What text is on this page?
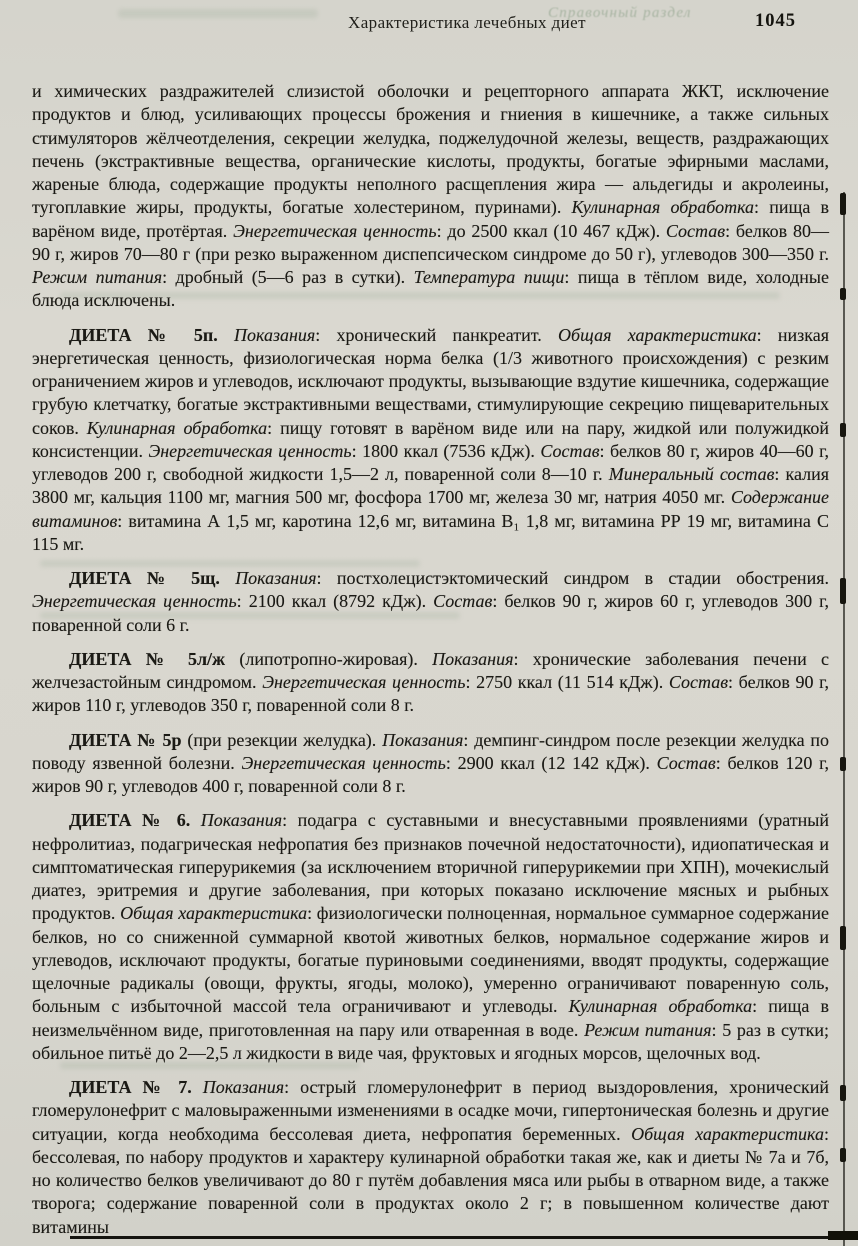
Справочный раздел
Характеристика лечебных диет	1045

и химических раздражителей слизистой оболочки и рецепторного аппарата ЖКТ, исключение продуктов и блюд, усиливающих процессы брожения и гниения в кишечнике, а также сильных стимуляторов жёлчеотделения, секреции желудка, поджелудочной железы, веществ, раздражающих печень (экстрактивные вещества, органические кислоты, продукты, богатые эфирными маслами, жареные блюда, содержащие продукты неполного расщепления жира — альдегиды и акролеины, тугоплавкие жиры, продукты, богатые холестерином, пуринами). Кулинарная обработка: пища в варёном виде, протёртая. Энергетическая ценность: до 2500 ккал (10 467 кДж). Состав: белков 80—90 г, жиров 70—80 г (при резко выраженном диспепсическом синдроме до 50 г), углеводов 300—350 г. Режим питания: дробный (5—6 раз в сутки). Температура пищи: пища в тёплом виде, холодные блюда исключены.

ДИЕТА № 5п. Показания: хронический панкреатит. Общая характеристика: низкая энергетическая ценность, физиологическая норма белка (1/3 животного происхождения) с резким ограничением жиров и углеводов, исключают продукты, вызывающие вздутие кишечника, содержащие грубую клетчатку, богатые экстрактивными веществами, стимулирующие секрецию пищеварительных соков. Кулинарная обработка: пищу готовят в варёном виде или на пару, жидкой или полужидкой консистенции. Энергетическая ценность: 1800 ккал (7536 кДж). Состав: белков 80 г, жиров 40—60 г, углеводов 200 г, свободной жидкости 1,5—2 л, поваренной соли 8—10 г. Минеральный состав: калия 3800 мг, кальция 1100 мг, магния 500 мг, фосфора 1700 мг, железа 30 мг, натрия 4050 мг. Содержание витаминов: витамина А 1,5 мг, каротина 12,6 мг, витамина В₁ 1,8 мг, витамина РР 19 мг, витамина С 115 мг.

ДИЕТА № 5щ. Показания: постхолецистэктомический синдром в стадии обострения. Энергетическая ценность: 2100 ккал (8792 кДж). Состав: белков 90 г, жиров 60 г, углеводов 300 г, поваренной соли 6 г.

ДИЕТА № 5л/ж (липотропно-жировая). Показания: хронические заболевания печени с желчезастойным синдромом. Энергетическая ценность: 2750 ккал (11 514 кДж). Состав: белков 90 г, жиров 110 г, углеводов 350 г, поваренной соли 8 г.

ДИЕТА № 5р (при резекции желудка). Показания: демпинг-синдром после резекции желудка по поводу язвенной болезни. Энергетическая ценность: 2900 ккал (12 142 кДж). Состав: белков 120 г, жиров 90 г, углеводов 400 г, поваренной соли 8 г.

ДИЕТА № 6. Показания: подагра с суставными и внесуставными проявлениями (уратный нефролитиаз, подагрическая нефропатия без признаков почечной недостаточности), идиопатическая и симптоматическая гиперурикемия (за исключением вторичной гиперурикемии при ХПН), мочекислый диатез, эритремия и другие заболевания, при которых показано исключение мясных и рыбных продуктов. Общая характеристика: физиологически полноценная, нормальное суммарное содержание белков, но со сниженной суммарной квотой животных белков, нормальное содержание жиров и углеводов, исключают продукты, богатые пуриновыми соединениями, вводят продукты, содержащие щелочные радикалы (овощи, фрукты, ягоды, молоко), умеренно ограничивают поваренную соль, больным с избыточной массой тела ограничивают и углеводы. Кулинарная обработка: пища в неизмельчённом виде, приготовленная на пару или отваренная в воде. Режим питания: 5 раз в сутки; обильное питьё до 2—2,5 л жидкости в виде чая, фруктовых и ягодных морсов, щелочных вод.

ДИЕТА № 7. Показания: острый гломерулонефрит в период выздоровления, хронический гломерулонефрит с маловыраженными изменениями в осадке мочи, гипертоническая болезнь и другие ситуации, когда необходима бессолевая диета, нефропатия беременных. Общая характеристика: бессолевая, по набору продуктов и характеру кулинарной обработки такая же, как и диеты № 7а и 7б, но количество белков увеличивают до 80 г путём добавления мяса или рыбы в отварном виде, а также творога; содержание поваренной соли в продуктах около 2 г; в повышенном количестве дают витамины
